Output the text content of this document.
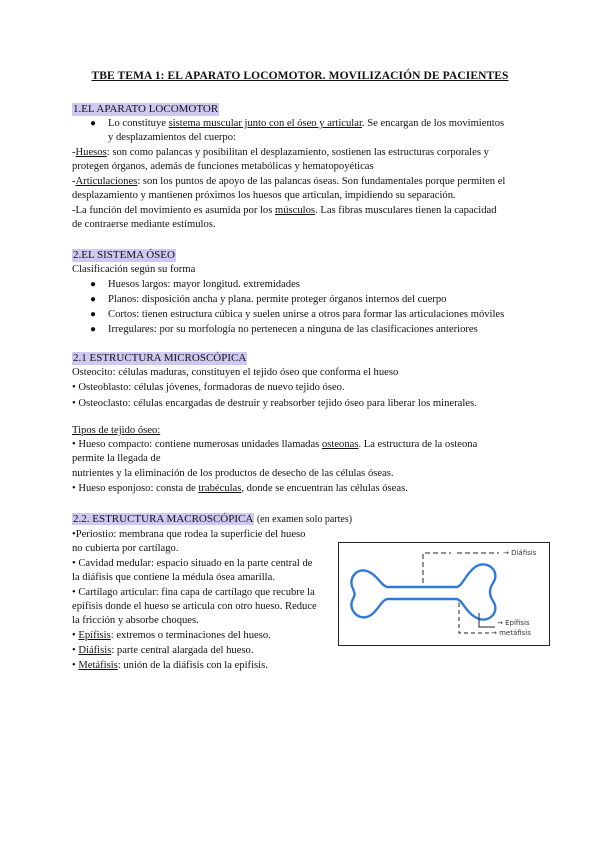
TBE TEMA 1: EL APARATO LOCOMOTOR. MOVILIZACIÓN DE PACIENTES
1.EL APARATO LOCOMOTOR
● Lo constituye sistema muscular junto con el óseo y articular. Se encargan de los movimientos
y desplazamientos del cuerpo:
-Huesos: son como palancas y posibilitan el desplazamiento, sostienen las estructuras corporales y
protegen órganos, además de funciones metabólicas y hematopoyéticas
-Articulaciones: son los puntos de apoyo de las palancas óseas. Son fundamentales porque permiten el
desplazamiento y mantienen próximos los huesos que articulan, impidiendo su separación.
-La función del movimiento es asumida por los músculos. Las fibras musculares tienen la capacidad
de contraerse mediante estímulos.
2.EL SISTEMA ÓSEO
Clasificación según su forma
● Huesos largos: mayor longitud. extremidades
● Planos: disposición ancha y plana. permite proteger órganos internos del cuerpo
● Cortos: tienen estructura cúbica y suelen unirse a otros para formar las articulaciones móviles
● Irregulares: por su morfología no pertenecen a ninguna de las clasificaciones anteriores
2.1 ESTRUCTURA MICROSCÓPICA
Osteocito: células maduras, constituyen el tejido óseo que conforma el hueso
• Osteoblasto: células jóvenes, formadoras de nuevo tejido óseo.
• Osteoclasto: células encargadas de destruir y reabsorber tejido óseo para liberar los minerales.
Tipos de tejido óseo:
• Hueso compacto: contiene numerosas unidades llamadas osteonas. La estructura de la osteona
permite la llegada de
nutrientes y la eliminación de los productos de desecho de las células óseas.
• Hueso esponjoso: consta de trabéculas, donde se encuentran las células óseas.
2.2. ESTRUCTURA MACROSCÓPICA (en examen solo partes)
•Periostio: membrana que rodea la superficie del hueso
no cubierta por cartílago.
• Cavidad medular: espacio situado en la parte central de
la diáfisis que contiene la médula ósea amarilla.
• Cartílago articular: fina capa de cartílago que recubre la
epífisis donde el hueso se articula con otro hueso. Reduce
la fricción y absorbe choques.
• Epífisis: extremos o terminaciones del hueso.
• Diáfisis: parte central alargada del hueso.
• Metáfisis: unión de la diáfisis con la epífisis.
→ Diáfisis
→ Epífisis
→ metáfisis
